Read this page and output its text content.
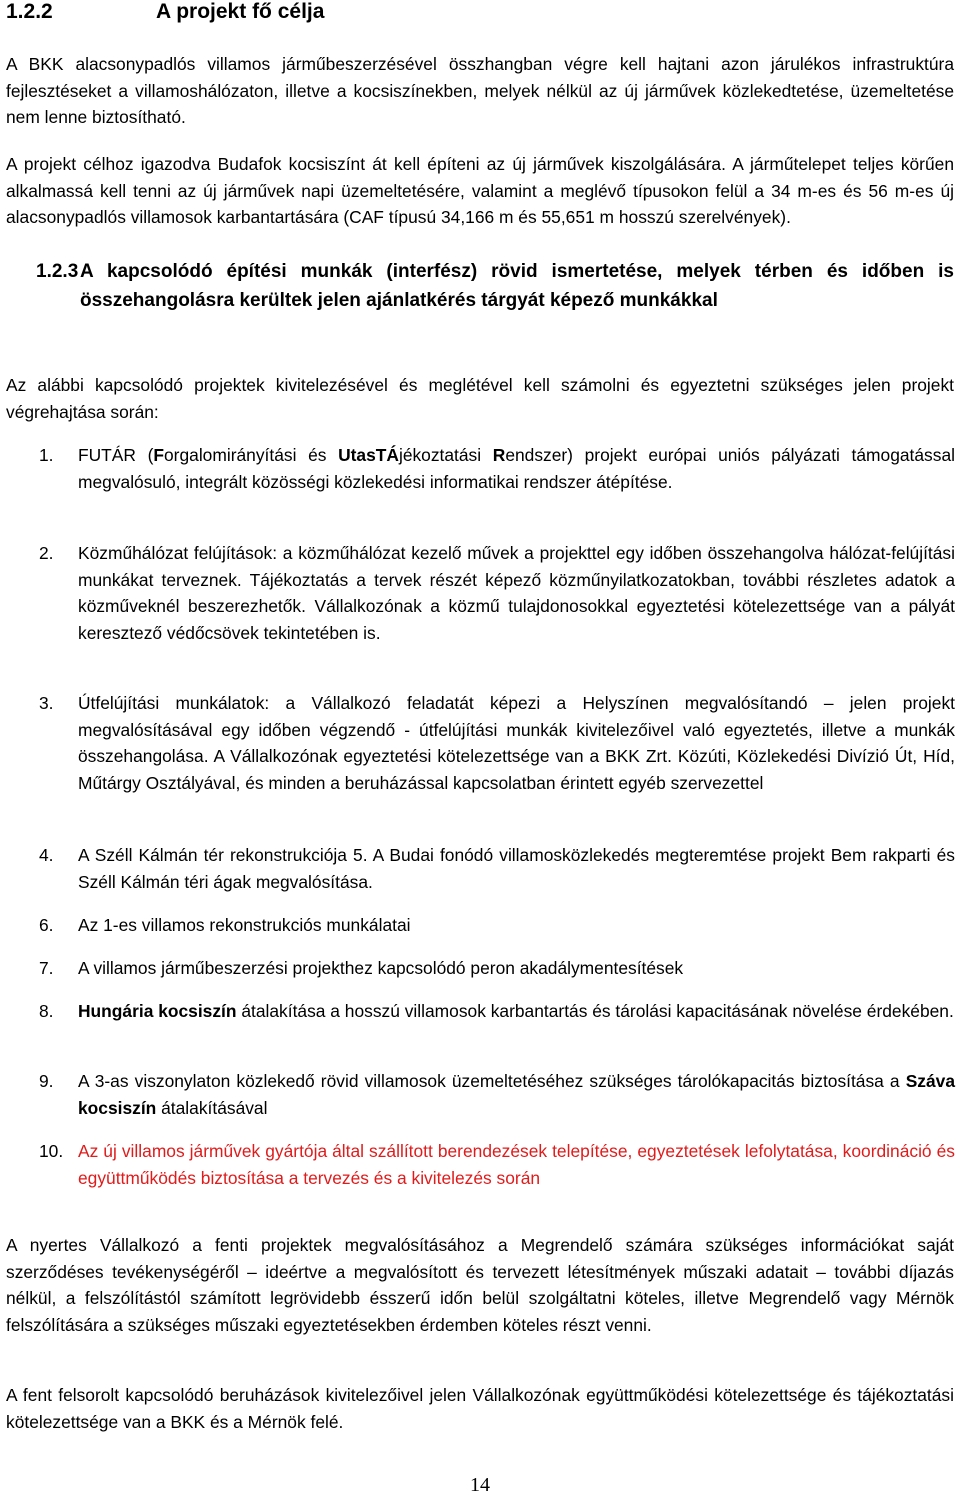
1.2.2	A projekt fő célja

A BKK alacsonypadlós villamos járműbeszerzésével összhangban végre kell hajtani azon járulékos infrastruktúra fejlesztéseket a villamoshálózaton, illetve a kocsiszínekben, melyek nélkül az új járművek közlekedtetése, üzemeltetése nem lenne biztosítható.

A projekt célhoz igazodva Budafok kocsiszínt át kell építeni az új járművek kiszolgálására. A járműtelepet teljes körűen alkalmassá kell tenni az új járművek napi üzemeltetésére, valamint a meglévő típusokon felül a 34 m-es és 56 m-es új alacsonypadlós villamosok karbantartására (CAF típusú 34,166 m és 55,651 m hosszú szerelvények).

1.2.3 A kapcsolódó építési munkák (interfész) rövid ismertetése, melyek térben és időben is összehangolásra kerültek jelen ajánlatkérés tárgyát képező munkákkal

Az alábbi kapcsolódó projektek kivitelezésével és meglétével kell számolni és egyeztetni szükséges jelen projekt végrehajtása során:

1. FUTÁR (Forgalomirányítási és UtasTÁjékoztatási Rendszer) projekt európai uniós pályázati támogatással megvalósuló, integrált közösségi közlekedési informatikai rendszer átépítése.
2. Közműhálózat felújítások: a közműhálózat kezelő művek a projekttel egy időben összehangolva hálózat-felújítási munkákat terveznek. Tájékoztatás a tervek részét képező közműnyilatkozatokban, további részletes adatok a közműveknél beszerezhetők. Vállalkozónak a közmű tulajdonosokkal egyeztetési kötelezettsége van a pályát keresztező védőcsövek tekintetében is.
3. Útfelújítási munkálatok: a Vállalkozó feladatát képezi a Helyszínen megvalósítandó – jelen projekt megvalósításával egy időben végzendő - útfelújítási munkák kivitelezőivel való egyeztetés, illetve a munkák összehangolása. A Vállalkozónak egyeztetési kötelezettsége van a BKK Zrt. Közúti, Közlekedési Divízió Út, Híd, Műtárgy Osztályával, és minden a beruházással kapcsolatban érintett egyéb szervezettel
4. A Széll Kálmán tér rekonstrukciója 5. A Budai fonódó villamosközlekedés megteremtése projekt Bem rakparti és Széll Kálmán téri ágak megvalósítása.
6. Az 1-es villamos rekonstrukciós munkálatai
7. A villamos járműbeszerzési projekthez kapcsolódó peron akadálymentesítések
8. Hungária kocsiszín átalakítása a hosszú villamosok karbantartás és tárolási kapacitásának növelése érdekében.
9. A 3-as viszonylaton közlekedő rövid villamosok üzemeltetéséhez szükséges tárolókapacitás biztosítása a Száva kocsiszín átalakításával
10. Az új villamos járművek gyártója által szállított berendezések telepítése, egyeztetések lefolytatása, koordináció és együttműködés biztosítása a tervezés és a kivitelezés során

A nyertes Vállalkozó a fenti projektek megvalósításához a Megrendelő számára szükséges információkat saját szerződéses tevékenységéről – ideértve a megvalósított és tervezett létesítmények műszaki adatait – további díjazás nélkül, a felszólítástól számított legrövidebb ésszerű időn belül szolgáltatni köteles, illetve Megrendelő vagy Mérnök felszólítására a szükséges műszaki egyeztetésekben érdemben köteles részt venni.

A fent felsorolt kapcsolódó beruházások kivitelezőivel jelen Vállalkozónak együttműködési kötelezettsége és tájékoztatási kötelezettsége van a BKK és a Mérnök felé.

14
